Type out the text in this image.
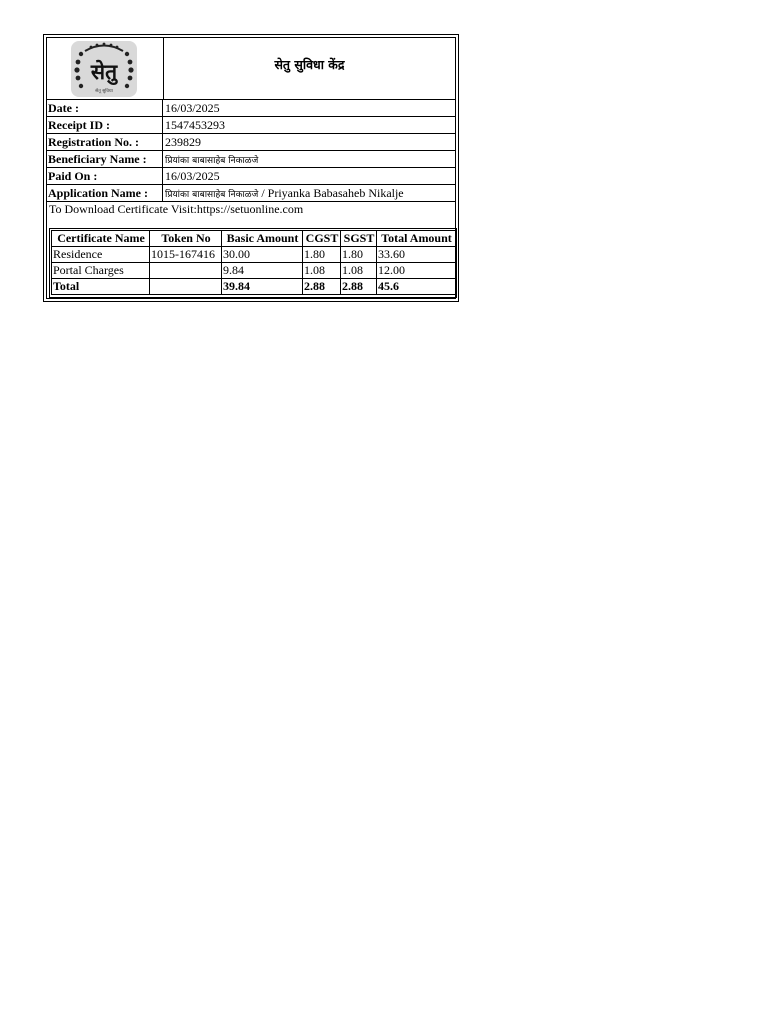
सेतु
सेतू सुविधा
सेतु सुविधा केंद्र
Date :	16/03/2025
Receipt ID :	1547453293
Registration No. :	239829
Beneficiary Name :	प्रियांका बाबासाहेब निकाळजे
Paid On :	16/03/2025
Application Name :	प्रियांका बाबासाहेब निकाळजे / Priyanka Babasaheb Nikalje
To Download Certificate Visit:https://setuonline.com
Certificate Name	Token No	Basic Amount	CGST	SGST	Total Amount
Residence	1015-167416	30.00	1.80	1.80	33.60
Portal Charges		9.84	1.08	1.08	12.00
Total		39.84	2.88	2.88	45.6
